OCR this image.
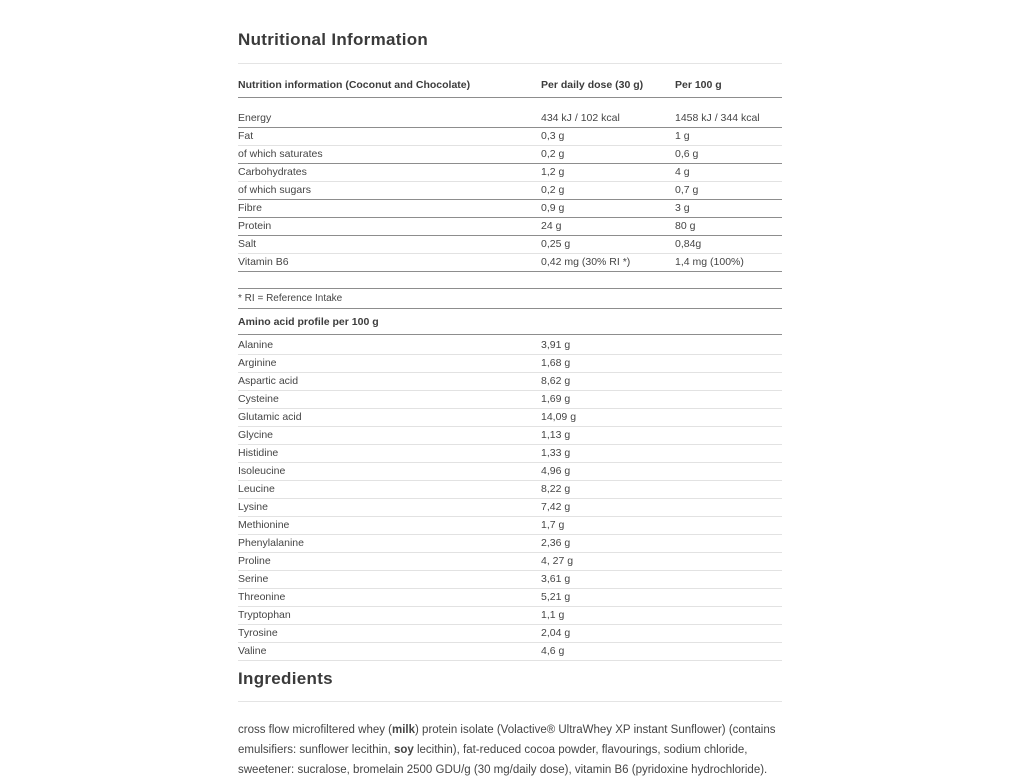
Nutritional Information
Nutrition information (Coconut and Chocolate)	Per daily dose (30 g)	Per 100 g
Energy	434 kJ / 102 kcal	1458 kJ / 344 kcal
Fat	0,3 g	1 g
of which saturates	0,2 g	0,6 g
Carbohydrates	1,2 g	4 g
of which sugars	0,2 g	0,7 g
Fibre	0,9 g	3 g
Protein	24 g	80 g
Salt	0,25 g	0,84g
Vitamin B6	0,42 mg (30% RI *)	1,4 mg (100%)
* RI = Reference Intake
Amino acid profile per 100 g
Alanine	3,91 g
Arginine	1,68 g
Aspartic acid	8,62 g
Cysteine	1,69 g
Glutamic acid	14,09 g
Glycine	1,13 g
Histidine	1,33 g
Isoleucine	4,96 g
Leucine	8,22 g
Lysine	7,42 g
Methionine	1,7 g
Phenylalanine	2,36 g
Proline	4, 27 g
Serine	3,61 g
Threonine	5,21 g
Tryptophan	1,1 g
Tyrosine	2,04 g
Valine	4,6 g
Ingredients

cross flow microfiltered whey (milk) protein isolate (Volactive® UltraWhey XP instant Sunflower) (contains emulsifiers: sunflower lecithin, soy lecithin), fat-reduced cocoa powder, flavourings, sodium chloride, sweetener: sucralose, bromelain 2500 GDU/g (30 mg/daily dose), vitamin B6 (pyridoxine hydrochloride).
